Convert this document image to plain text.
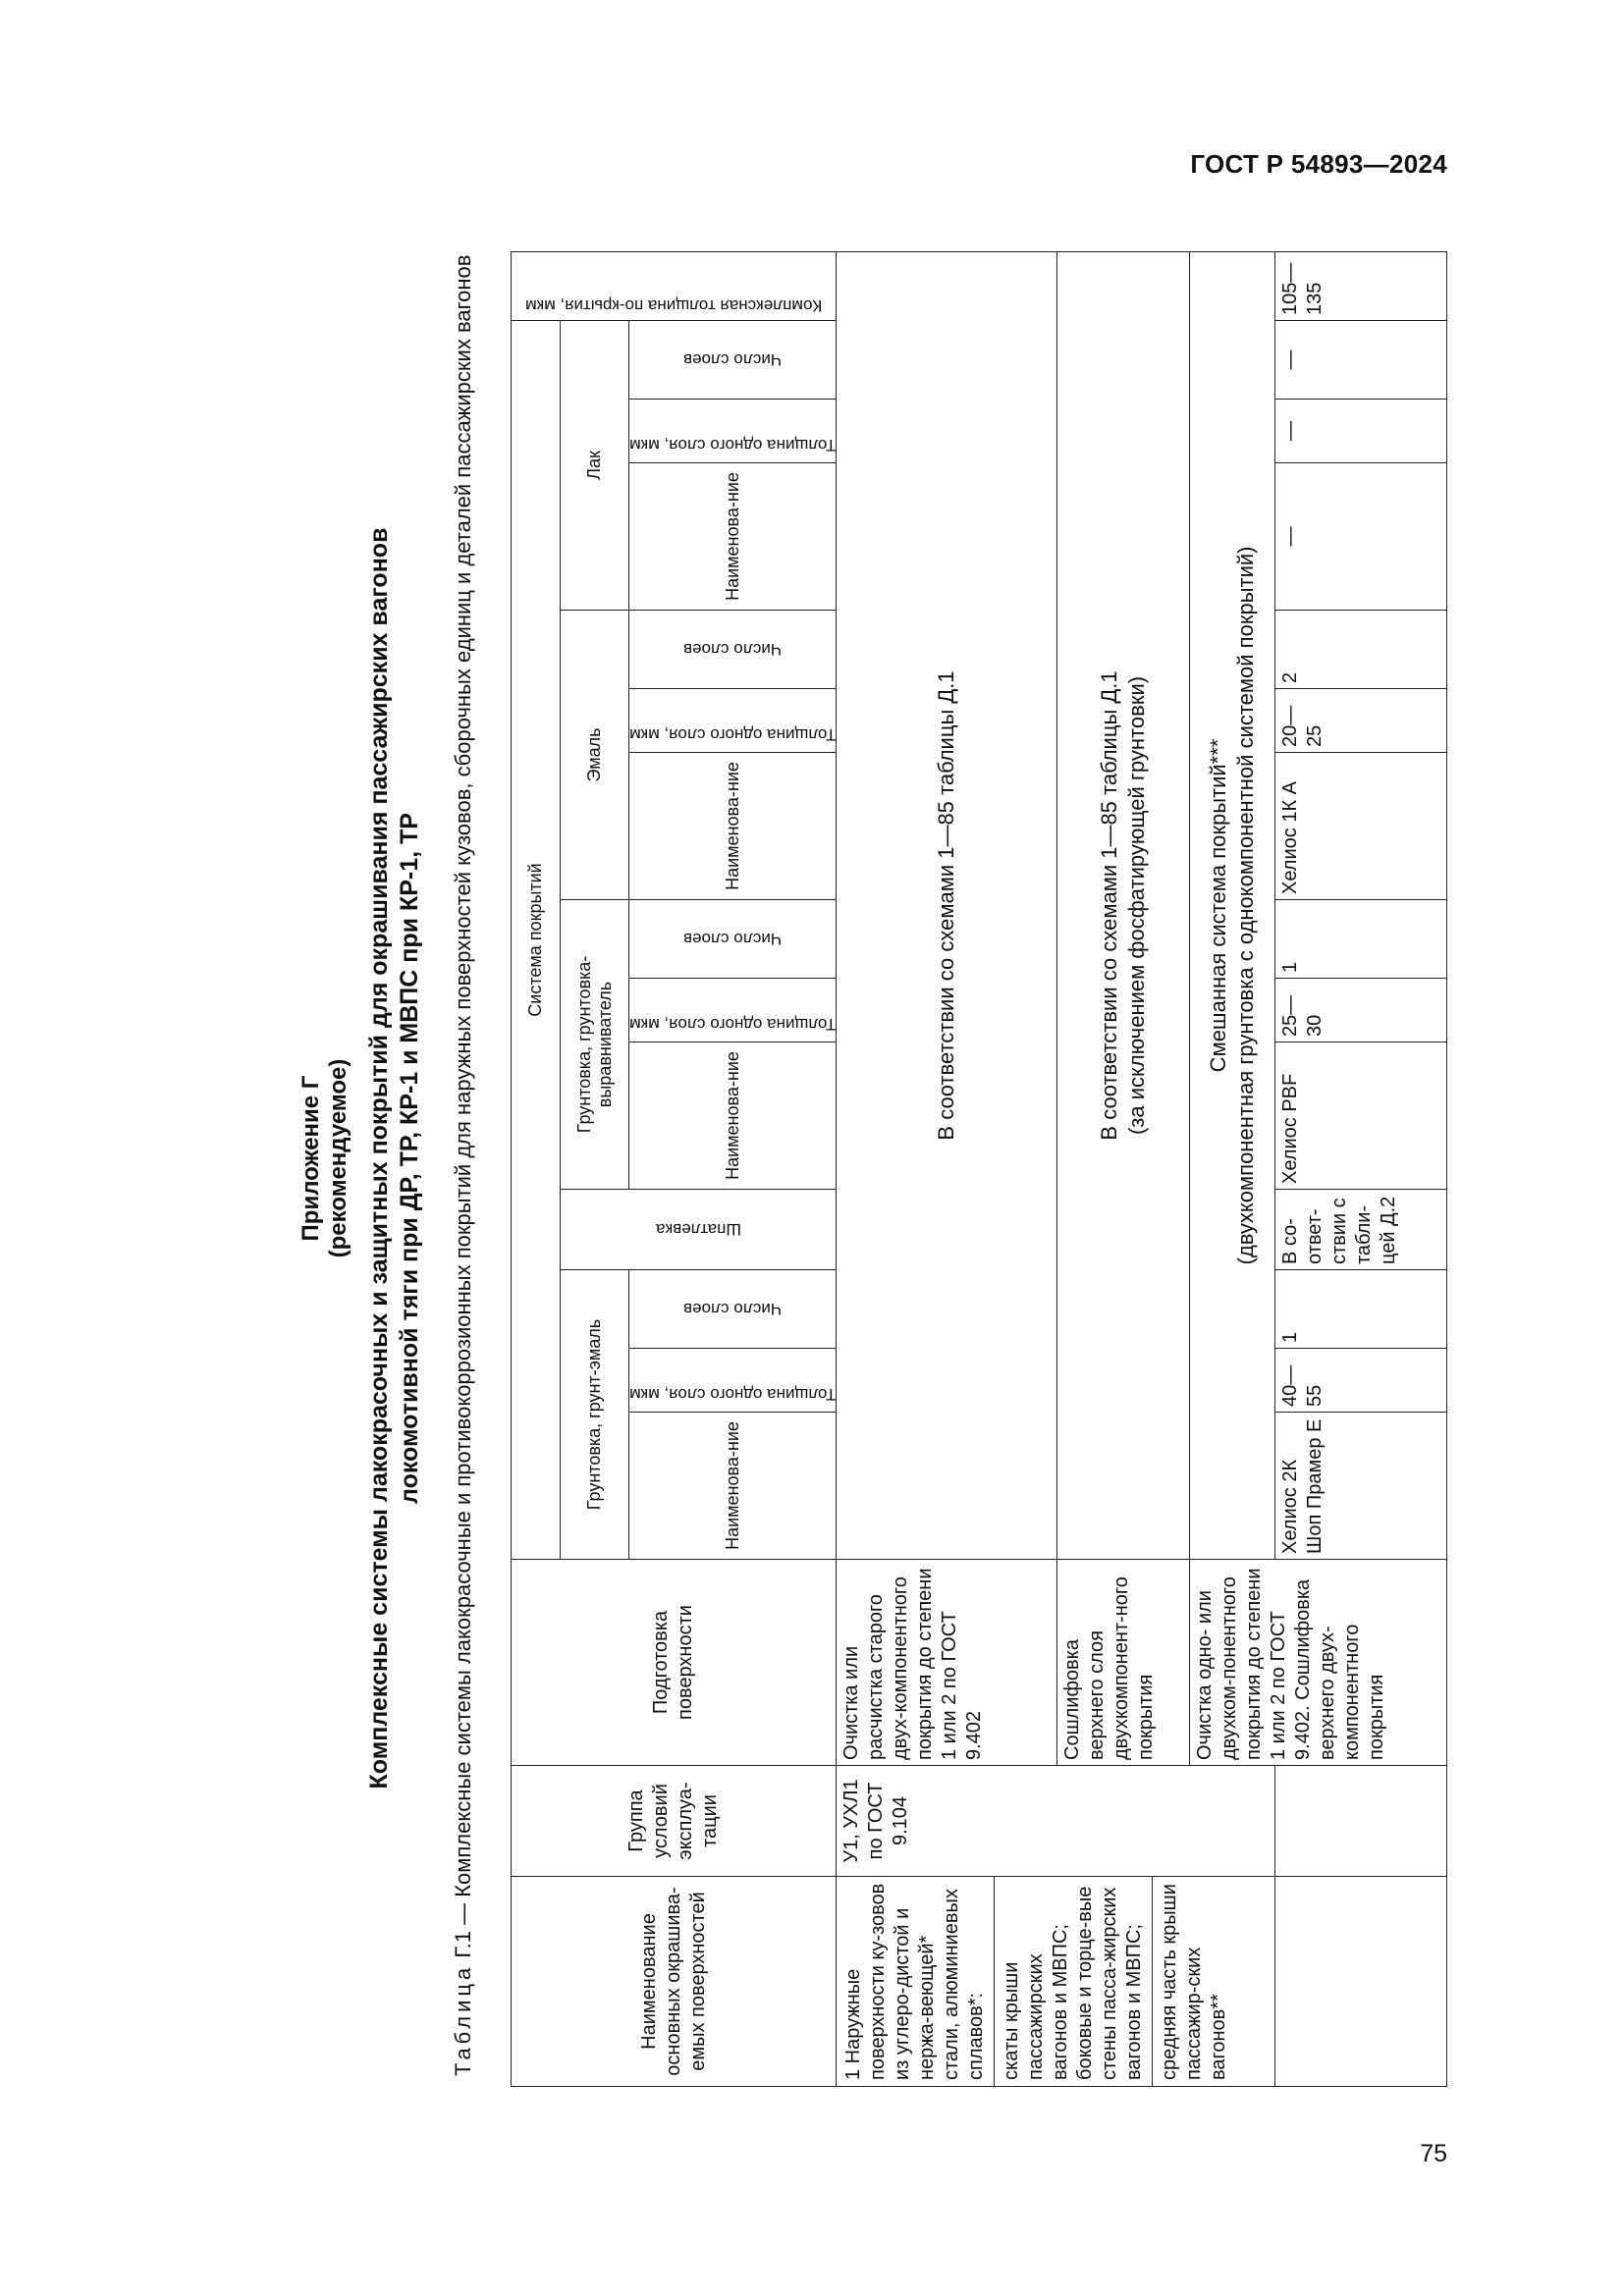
ГОСТ Р 54893—2024
75
Приложение Г (рекомендуемое) Комплексные системы лакокрасочных и защитных покрытий для окрашивания пассажирских вагонов локомотивной тяги при ДР, ТР, КР-1 и МВПС при КР-1, ТР
Таблица Г.1 — Комплексные системы лакокрасочные и противокоррозионных покрытий для наружных поверхностей кузовов, сборочных единиц и деталей пассажирских вагонов
Наименование основных окрашива-емых поверхностей	Группа условий эксплуа-тации	Подготовка поверхности	Система покрытий													Комплексная толщина по-крытия, мкм

			Грунтовка, грунт-эмаль			Шпатлевка	Грунтовка, грунтовка-выравниватель			Эмаль			Лак			
			Наименова-ние	Толщина одного слоя, мкм	Число слоев		Наименова-ние	Толщина одного слоя, мкм	Число слоев	Наименова-ние	Толщина одного слоя, мкм	Число слоев	Наименова-ние	Толщина одного слоя, мкм	Число слоев	

1 Наружные поверхности ку-зовов из углеро-дистой и нержа-веющей* стали, алюминиевых сплавов*: скаты крыши пассажирских вагонов и МВПС; боковые и торце-вые стены пасса-жирских вагонов и МВПС; средняя часть крыши пассажир-ских вагонов**	У1, УХЛ1 по ГОСТ 9.104	Очистка или расчистка старого двух-компонентного покрытия до степени 1 или 2 по ГОСТ 9.402	В соответствии со схемами 1—85 таблицы Д.1													
		Сошлифовка верхнего слоя двухкомпонент-ного покрытия	В соответствии со схемами 1—85 таблицы Д.1 (за исключением фосфатирующей грунтовки)													

		Очистка одно- или двухком-понентного покрытия до степени 1 или 2 по ГОСТ 9.402. Сошлифовка верхнего двух-компонентного покрытия	Смешанная система покрытий*** (двухкомпонентная грунтовка с однокомпонентной системой покрытий)													

			Хелиос 2К Шоп Прамер Е	40—55	1	В со-ответ-ствии с табли-цей Д.2	Хелиос PBF	25—30	1	Хелиос 1К А	20—25	2	—	—	—	105—135
